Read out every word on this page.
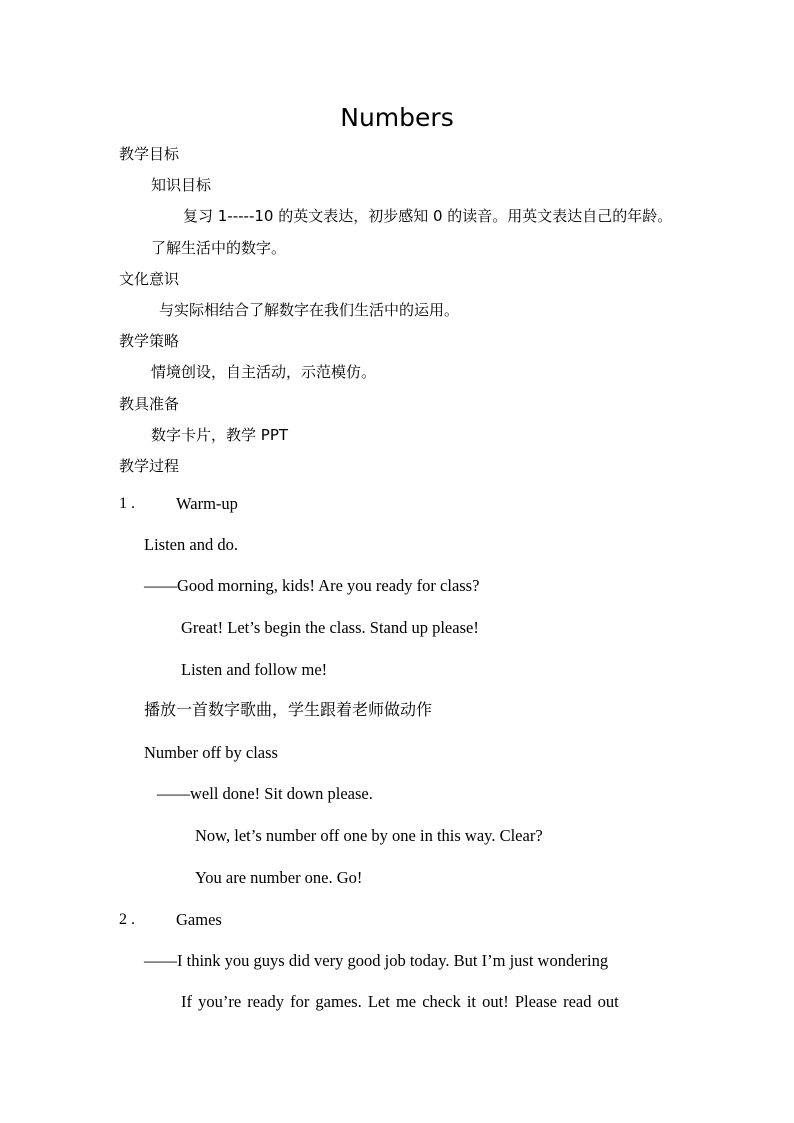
Numbers
教学目标
知识目标
复习 1-----10 的英文表达，初步感知 0 的读音。用英文表达自己的年龄。
了解生活中的数字。
文化意识
与实际相结合了解数字在我们生活中的运用。
教学策略
情境创设，自主活动，示范模仿。
教具准备
数字卡片，教学 PPT
教学过程
1 . Warm-up
Listen and do.
——Good morning, kids! Are you ready for class?
Great! Let’s begin the class. Stand up please!
Listen and follow me!
播放一首数字歌曲，学生跟着老师做动作
Number off by class
——well done! Sit down please.
Now, let’s number off one by one in this way. Clear?
You are number one. Go!
2 . Games
——I think you guys did very good job today. But I’m just wondering
If you’re ready for games. Let me check it out! Please read out
